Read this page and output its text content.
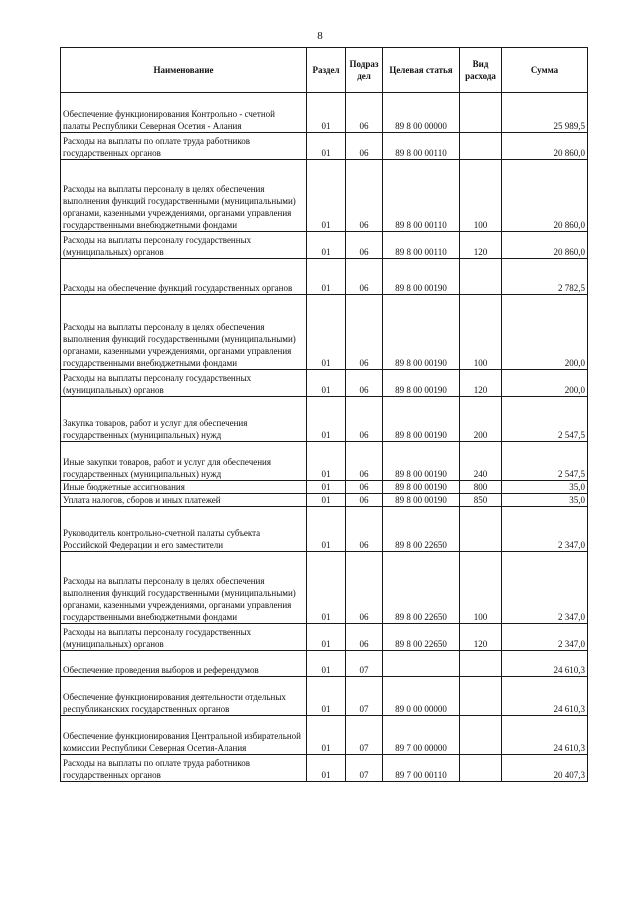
8
Наименование	Раздел	Подраз дел	Целевая статья	Вид расхода	Сумма
Обеспечение функционирования Контрольно - счетной палаты Республики Северная Осетия - Алания	01	06	89 8 00 00000		25 989,5
Расходы на выплаты по оплате труда работников государственных органов	01	06	89 8 00 00110		20 860,0
Расходы на выплаты персоналу в целях обеспечения выполнения функций государственными (муниципальными) органами, казенными учреждениями, органами управления государственными внебюджетными фондами	01	06	89 8 00 00110	100	20 860,0
Расходы на выплаты персоналу государственных (муниципальных) органов	01	06	89 8 00 00110	120	20 860,0
Расходы на обеспечение функций государственных органов	01	06	89 8 00 00190		2 782,5
Расходы на выплаты персоналу в целях обеспечения выполнения функций государственными (муниципальными) органами, казенными учреждениями, органами управления государственными внебюджетными фондами	01	06	89 8 00 00190	100	200,0
Расходы на выплаты персоналу государственных (муниципальных) органов	01	06	89 8 00 00190	120	200,0
Закупка товаров, работ и услуг для обеспечения государственных (муниципальных) нужд	01	06	89 8 00 00190	200	2 547,5
Иные закупки товаров, работ и услуг для обеспечения государственных (муниципальных) нужд	01	06	89 8 00 00190	240	2 547,5
Иные бюджетные ассигнования	01	06	89 8 00 00190	800	35,0
Уплата налогов, сборов и иных платежей	01	06	89 8 00 00190	850	35,0
Руководитель контрольно-счетной палаты субъекта Российской Федерации и его заместители	01	06	89 8 00 22650		2 347,0
Расходы на выплаты персоналу в целях обеспечения выполнения функций государственными (муниципальными) органами, казенными учреждениями, органами управления государственными внебюджетными фондами	01	06	89 8 00 22650	100	2 347,0
Расходы на выплаты персоналу государственных (муниципальных) органов	01	06	89 8 00 22650	120	2 347,0
Обеспечение проведения выборов и референдумов	01	07			24 610,3
Обеспечение функционирования деятельности отдельных республиканских государственных органов	01	07	89 0 00 00000		24 610,3
Обеспечение функционирования Центральной избирательной комиссии Республики Северная Осетия-Алания	01	07	89 7 00 00000		24 610,3
Расходы на выплаты по оплате труда работников государственных органов	01	07	89 7 00 00110		20 407,3
